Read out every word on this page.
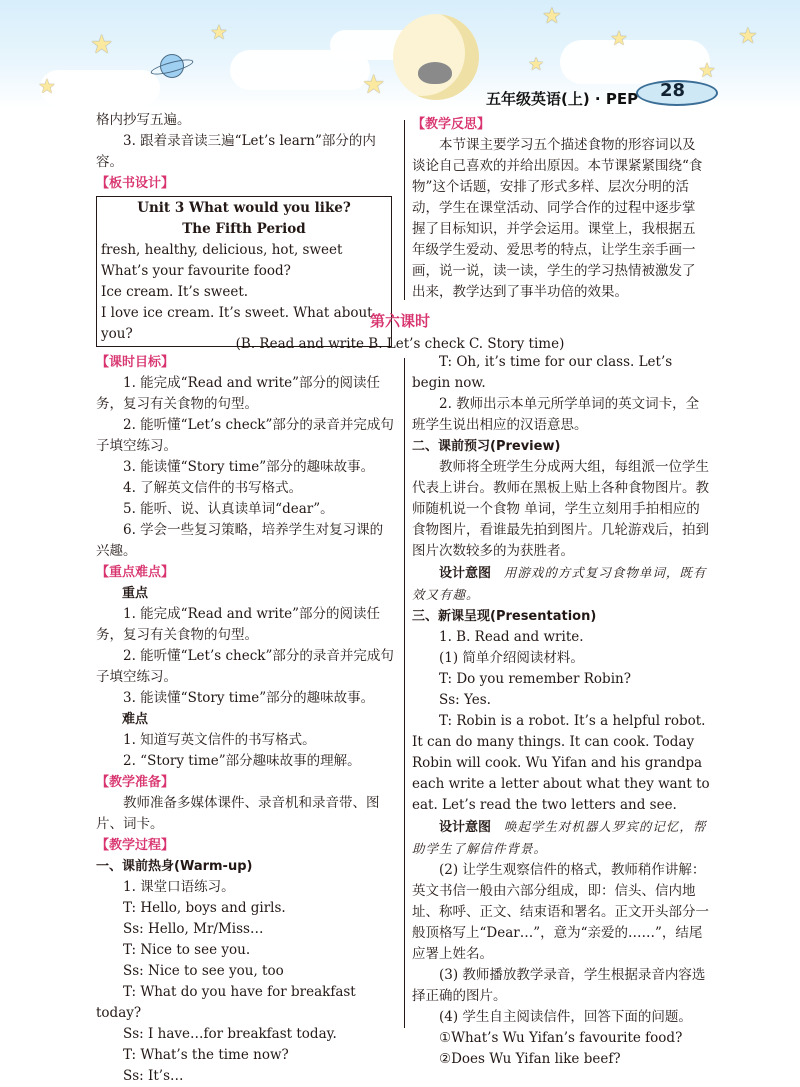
★
★
★
★
★
★
★
★
★
五年级英语(上) · PEP 28

格内抄写五遍。

3. 跟着录音读三遍“Let’s learn”部分的内容。

【板书设计】

Unit 3 What would you like?

The Fifth Period

fresh, healthy, delicious, hot, sweet

What’s your favourite food?

Ice cream. It’s sweet.

I love ice cream. It’s sweet. What about you?

【教学反思】

本节课主要学习五个描述食物的形容词以及谈论自己喜欢的并给出原因。本节课紧紧围绕“食物”这个话题，安排了形式多样、层次分明的活动，学生在课堂活动、同学合作的过程中逐步掌握了目标知识，并学会运用。课堂上，我根据五年级学生爱动、爱思考的特点，让学生亲手画一画，说一说，读一读，学生的学习热情被激发了出来，教学达到了事半功倍的效果。

第六课时
(B. Read and write B. Let’s check C. Story time)

【课时目标】

1. 能完成“Read and write”部分的阅读任务，复习有关食物的句型。

2. 能听懂“Let’s check”部分的录音并完成句子填空练习。

3. 能读懂“Story time”部分的趣味故事。

4. 了解英文信件的书写格式。

5. 能听、说、认真读单词“dear”。

6. 学会一些复习策略，培养学生对复习课的兴趣。

【重点难点】

重点

1. 能完成“Read and write”部分的阅读任务，复习有关食物的句型。

2. 能听懂“Let’s check”部分的录音并完成句子填空练习。

3. 能读懂“Story time”部分的趣味故事。

难点

1. 知道写英文信件的书写格式。

2. “Story time”部分趣味故事的理解。

【教学准备】

教师准备多媒体课件、录音机和录音带、图片、词卡。

【教学过程】

一、课前热身(Warm-up)

1. 课堂口语练习。

T: Hello, boys and girls.

Ss: Hello, Mr/Miss…

T: Nice to see you.

Ss: Nice to see you, too

T: What do you have for breakfast today?

Ss: I have…for breakfast today.

T: What’s the time now?

Ss: It’s…

T: Oh, it’s time for our class. Let’s begin now.

2. 教师出示本单元所学单词的英文词卡，全班学生说出相应的汉语意思。

二、课前预习(Preview)

教师将全班学生分成两大组，每组派一位学生代表上讲台。教师在黑板上贴上各种食物图片。教师随机说一个食物 单词，学生立刻用手拍相应的食物图片，看谁最先拍到图片。几轮游戏后，拍到图片次数较多的为获胜者。

设计意图 用游戏的方式复习食物单词，既有效又有趣。

三、新课呈现(Presentation)

1. B. Read and write.

(1) 简单介绍阅读材料。

T: Do you remember Robin?

Ss: Yes.

T: Robin is a robot. It’s a helpful robot. It can do many things. It can cook. Today Robin will cook. Wu Yifan and his grandpa each write a letter about what they want to eat. Let’s read the two letters and see.

设计意图 唤起学生对机器人罗宾的记忆，帮助学生了解信件背景。

(2) 让学生观察信件的格式，教师稍作讲解：英文书信一般由六部分组成，即：信头、信内地址、称呼、正文、结束语和署名。正文开头部分一般顶格写上“Dear…”，意为“亲爱的……”，结尾应署上姓名。

(3) 教师播放教学录音，学生根据录音内容选择正确的图片。

(4) 学生自主阅读信件，回答下面的问题。

①What’s Wu Yifan’s favourite food?

②Does Wu Yifan like beef?
